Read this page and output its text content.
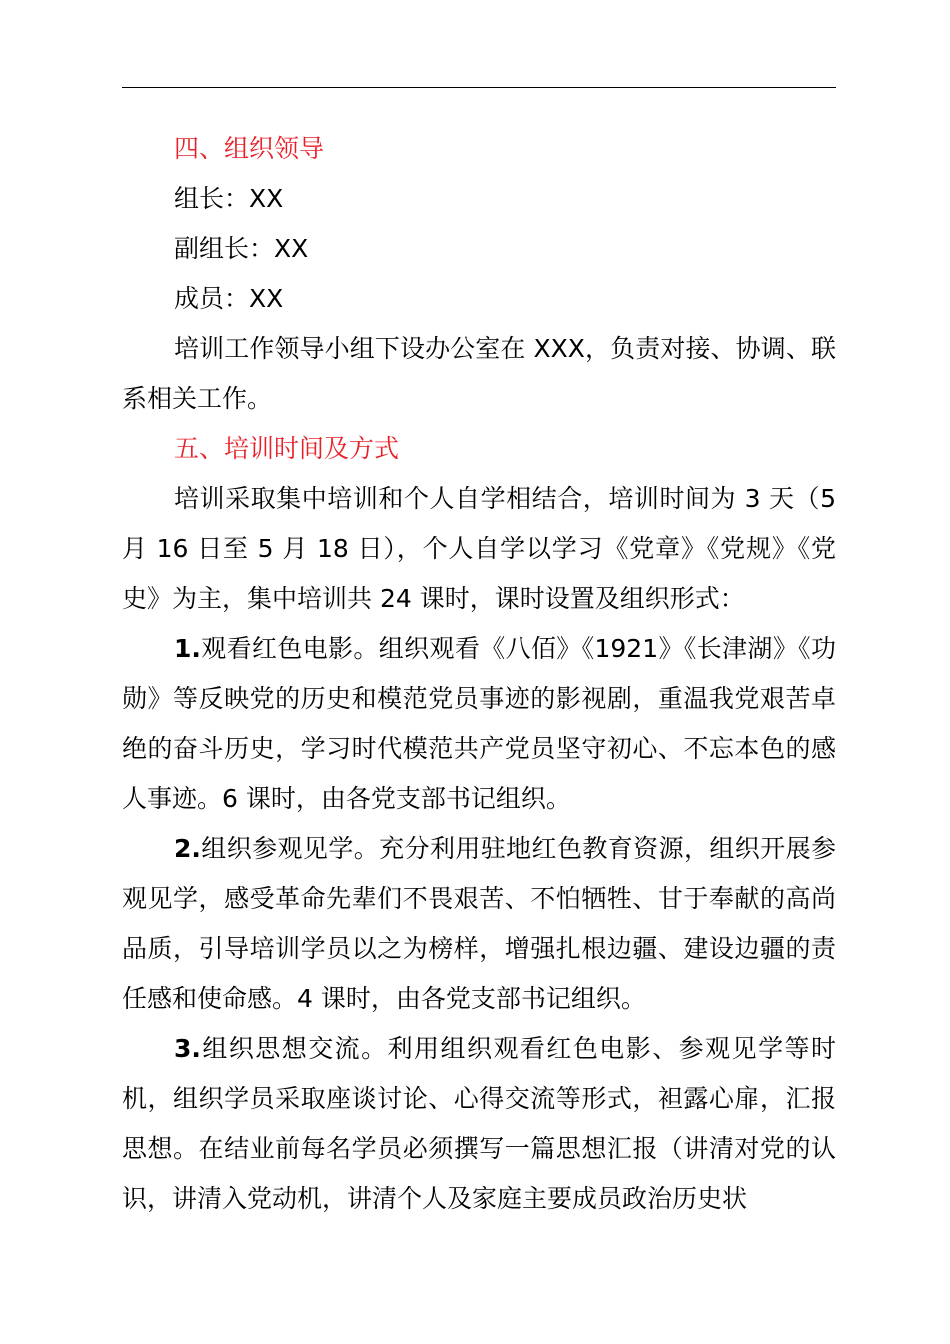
四、组织领导

组长：XX

副组长：XX

成员：XX

培训工作领导小组下设办公室在 XXX，负责对接、协调、联系相关工作。

五、培训时间及方式

培训采取集中培训和个人自学相结合，培训时间为 3 天（5 月 16 日至 5 月 18 日），个人自学以学习《党章》《党规》《党史》为主，集中培训共 24 课时，课时设置及组织形式：

1.观看红色电影。组织观看《八佰》《1921》《长津湖》《功勋》等反映党的历史和模范党员事迹的影视剧，重温我党艰苦卓绝的奋斗历史，学习时代模范共产党员坚守初心、不忘本色的感人事迹。6 课时，由各党支部书记组织。

2.组织参观见学。充分利用驻地红色教育资源，组织开展参观见学，感受革命先辈们不畏艰苦、不怕牺牲、甘于奉献的高尚品质，引导培训学员以之为榜样，增强扎根边疆、建设边疆的责任感和使命感。4 课时，由各党支部书记组织。

3.组织思想交流。利用组织观看红色电影、参观见学等时机，组织学员采取座谈讨论、心得交流等形式，袒露心扉，汇报思想。在结业前每名学员必须撰写一篇思想汇报（讲清对党的认识，讲清入党动机，讲清个人及家庭主要成员政治历史状
